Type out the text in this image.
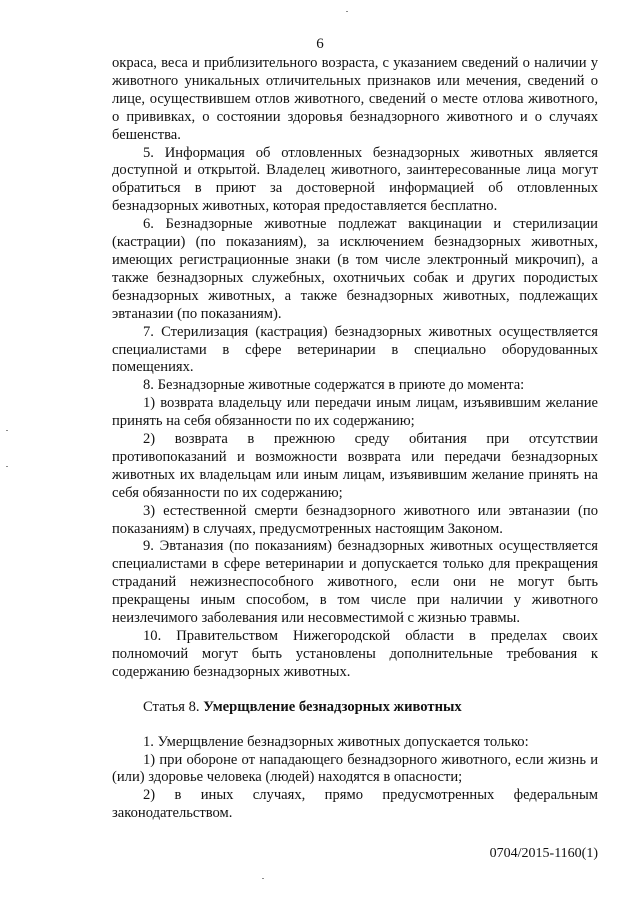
6

окраса, веса и приблизительного возраста, с указанием сведений о наличии у животного уникальных отличительных признаков или мечения, сведений о лице, осуществившем отлов животного, сведений о месте отлова животного, о прививках, о состоянии здоровья безнадзорного животного и о случаях бешенства.

5. Информация об отловленных безнадзорных животных является доступной и открытой. Владелец животного, заинтересованные лица могут обратиться в приют за достоверной информацией об отловленных безнадзорных животных, которая предоставляется бесплатно.

6. Безнадзорные животные подлежат вакцинации и стерилизации (кастрации) (по показаниям), за исключением безнадзорных животных, имеющих регистрационные знаки (в том числе электронный микрочип), а также безнадзорных служебных, охотничьих собак и других породистых безнадзорных животных, а также безнадзорных животных, подлежащих эвтаназии (по показаниям).

7. Стерилизация (кастрация) безнадзорных животных осуществляется специалистами в сфере ветеринарии в специально оборудованных помещениях.

8. Безнадзорные животные содержатся в приюте до момента:

1) возврата владельцу или передачи иным лицам, изъявившим желание принять на себя обязанности по их содержанию;

2) возврата в прежнюю среду обитания при отсутствии противопоказаний и возможности возврата или передачи безнадзорных животных их владельцам или иным лицам, изъявившим желание принять на себя обязанности по их содержанию;

3) естественной смерти безнадзорного животного или эвтаназии (по показаниям) в случаях, предусмотренных настоящим Законом.

9. Эвтаназия (по показаниям) безнадзорных животных осуществляется специалистами в сфере ветеринарии и допускается только для прекращения страданий нежизнеспособного животного, если они не могут быть прекращены иным способом, в том числе при наличии у животного неизлечимого заболевания или несовместимой с жизнью травмы.

10. Правительством Нижегородской области в пределах своих полномочий могут быть установлены дополнительные требования к содержанию безнадзорных животных.

Статья 8. Умерщвление безнадзорных животных

1. Умерщвление безнадзорных животных допускается только:

1) при обороне от нападающего безнадзорного животного, если жизнь и (или) здоровье человека (людей) находятся в опасности;

2) в иных случаях, прямо предусмотренных федеральным законодательством.

0704/2015-1160(1)
